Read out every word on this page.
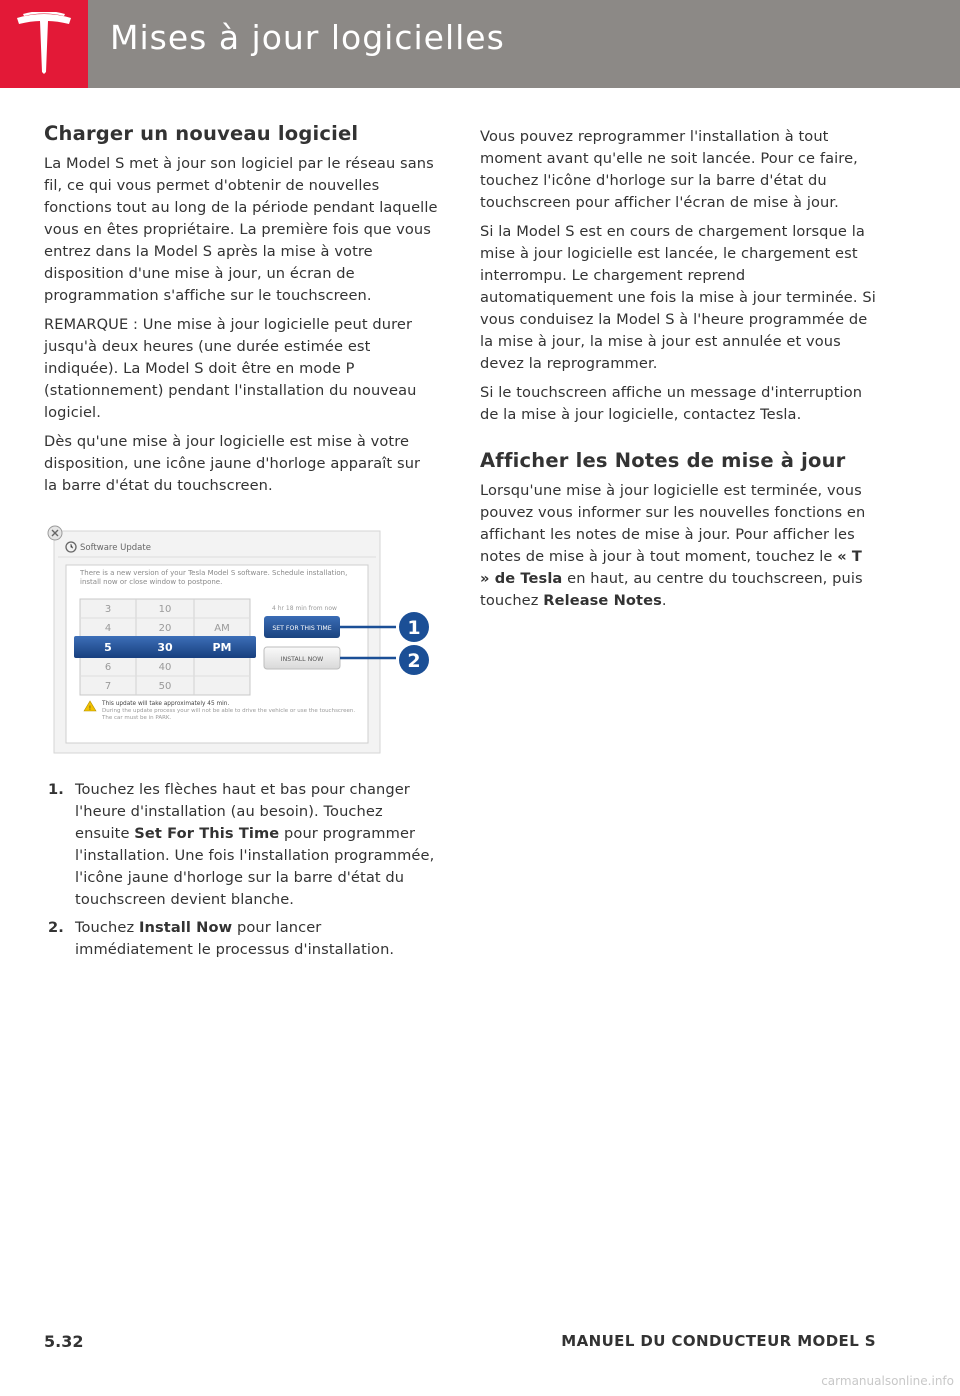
Mises à jour logicielles
Charger un nouveau logiciel

La Model S met à jour son logiciel par le réseau sans fil, ce qui vous permet d'obtenir de nouvelles fonctions tout au long de la période pendant laquelle vous en êtes propriétaire. La première fois que vous entrez dans la Model S après la mise à votre disposition d'une mise à jour, un écran de programmation s'affiche sur le touchscreen.

REMARQUE : Une mise à jour logicielle peut durer jusqu'à deux heures (une durée estimée est indiquée). La Model S doit être en mode P (stationnement) pendant l'installation du nouveau logiciel.

Dès qu'une mise à jour logicielle est mise à votre disposition, une icône jaune d'horloge apparaît sur la barre d'état du touchscreen.

Software Update
There is a new version of your Tesla Model S software. Schedule installation, install now or close window to postpone.
3
4
5
6
7
10
20
30
40
50
AM
PM
4 hr 18 min from now
SET FOR THIS TIME
INSTALL NOW
!
This update will take approximately 45 min.
During the update process your will not be able to drive the vehicle or use the touchscreen. The car must be in PARK.
1
2
1. Touchez les flèches haut et bas pour changer l'heure d'installation (au besoin). Touchez ensuite Set For This Time pour programmer l'installation. Une fois l'installation programmée, l'icône jaune d'horloge sur la barre d'état du touchscreen devient blanche.
2. Touchez Install Now pour lancer immédiatement le processus d'installation.

Vous pouvez reprogrammer l'installation à tout moment avant qu'elle ne soit lancée. Pour ce faire, touchez l'icône d'horloge sur la barre d'état du touchscreen pour afficher l'écran de mise à jour.

Si la Model S est en cours de chargement lorsque la mise à jour logicielle est lancée, le chargement est interrompu. Le chargement reprend automatiquement une fois la mise à jour terminée. Si vous conduisez la Model S à l'heure programmée de la mise à jour, la mise à jour est annulée et vous devez la reprogrammer.

Si le touchscreen affiche un message d'interruption de la mise à jour logicielle, contactez Tesla.

Afficher les Notes de mise à jour

Lorsqu'une mise à jour logicielle est terminée, vous pouvez vous informer sur les nouvelles fonctions en affichant les notes de mise à jour. Pour afficher les notes de mise à jour à tout moment, touchez le « T » de Tesla en haut, au centre du touchscreen, puis touchez Release Notes.

5.32	MANUEL DU CONDUCTEUR MODEL S
carmanualsonline.info
